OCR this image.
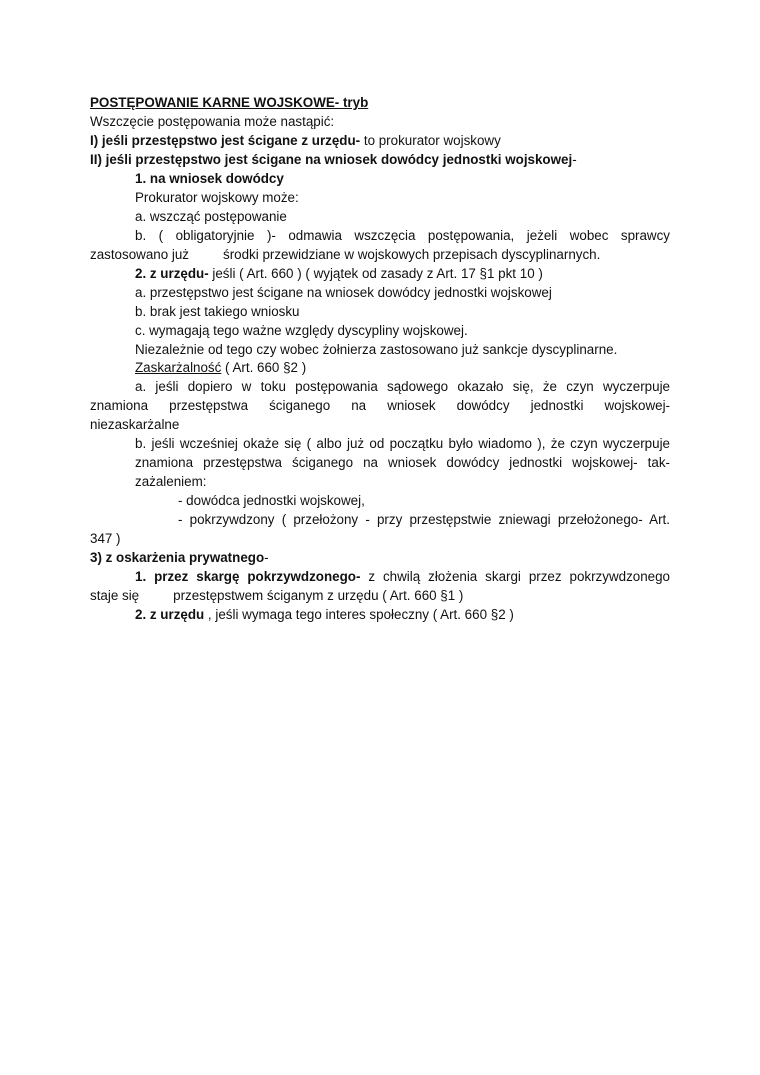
POSTĘPOWANIE KARNE WOJSKOWE- tryb
Wszczęcie postępowania może nastąpić:
I) jeśli przestępstwo jest ścigane z urzędu- to prokurator wojskowy
II) jeśli przestępstwo jest ścigane na wniosek dowódcy jednostki wojskowej-
1. na wniosek dowódcy
Prokurator wojskowy może:
a. wszcząć postępowanie
b. ( obligatoryjnie )- odmawia wszczęcia postępowania, jeżeli wobec sprawcy
zastosowano już	środki przewidziane w wojskowych przepisach dyscyplinarnych.
2. z urzędu- jeśli ( Art. 660 ) ( wyjątek od zasady z Art. 17 §1 pkt 10 )
a. przestępstwo jest ścigane na wniosek dowódcy jednostki wojskowej
b. brak jest takiego wniosku
c. wymagają tego ważne względy dyscypliny wojskowej.
Niezależnie od tego czy wobec żołnierza zastosowano już sankcje dyscyplinarne.
Zaskarżalność ( Art. 660 §2 )
a. jeśli dopiero w toku postępowania sądowego okazało się, że czyn wyczerpuje
znamiona przestępstwa ściganego na wniosek dowódcy jednostki wojskowej-
niezaskarżalne
b. jeśli wcześniej okaże się ( albo już od początku było wiadomo ), że czyn wyczerpuje
znamiona przestępstwa ściganego na wniosek dowódcy jednostki wojskowej- tak-
zażaleniem:
- dowódca jednostki wojskowej,
- pokrzywdzony ( przełożony - przy przestępstwie zniewagi przełożonego- Art.
347 )
3) z oskarżenia prywatnego-
1. przez skargę pokrzywdzonego- z chwilą złożenia skargi przez pokrzywdzonego
staje się	przestępstwem ściganym z urzędu ( Art. 660 §1 )
2. z urzędu , jeśli wymaga tego interes społeczny ( Art. 660 §2 )
